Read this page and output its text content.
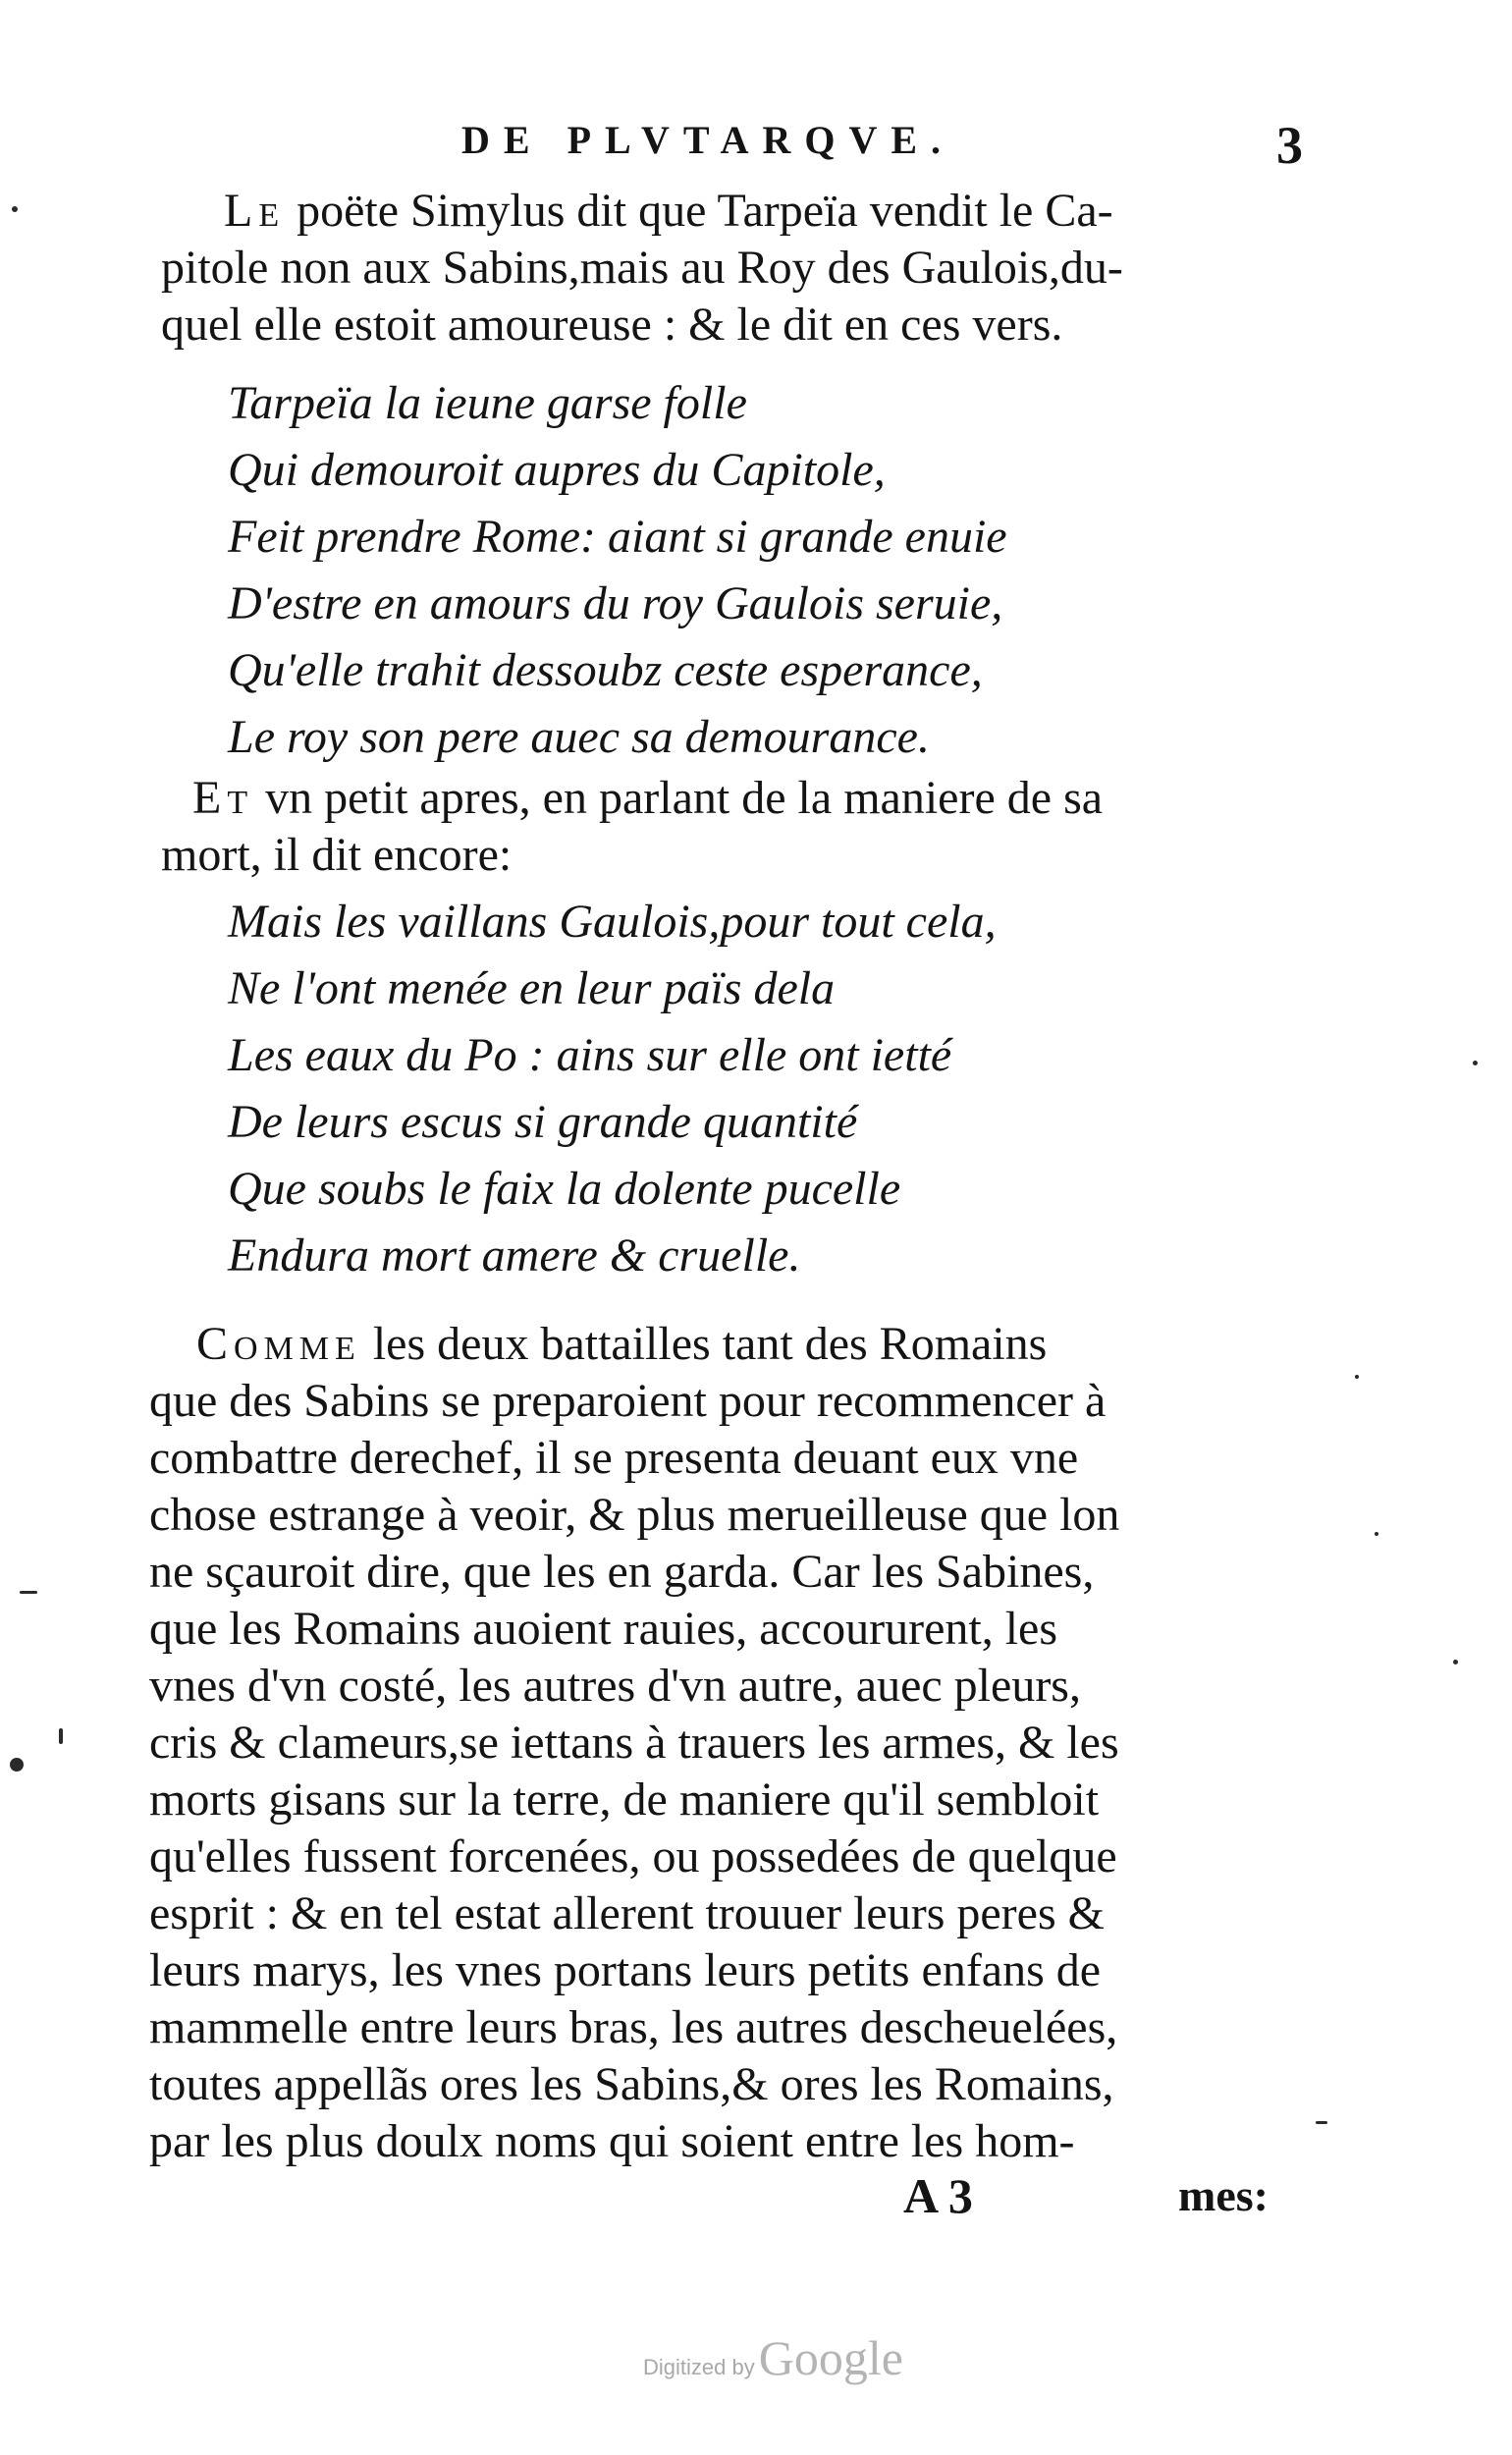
DE PLVTARQVE.	3
Le poëte Simylus dit que Tarpeïa vendit le Ca-
pitole non aux Sabins,mais au Roy des Gaulois,du-
quel elle estoit amoureuse : & le dit en ces vers.
Tarpeïa la ieune garse folle
Qui demouroit aupres du Capitole,
Feit prendre Rome: aiant si grande enuie
D'estre en amours du roy Gaulois seruie,
Qu'elle trahit dessoubz ceste esperance,
Le roy son pere auec sa demourance.
Et vn petit apres, en parlant de la maniere de sa
mort, il dit encore:
Mais les vaillans Gaulois,pour tout cela,
Ne l'ont menée en leur païs dela
Les eaux du Po : ains sur elle ont ietté
De leurs escus si grande quantité
Que soubs le faix la dolente pucelle
Endura mort amere & cruelle.
Comme les deux battailles tant des Romains
que des Sabins se preparoient pour recommencer à
combattre derechef, il se presenta deuant eux vne
chose estrange à veoir, & plus merueilleuse que lon
ne sçauroit dire, que les en garda. Car les Sabines,
que les Romains auoient rauies, accoururent, les
vnes d'vn costé, les autres d'vn autre, auec pleurs,
cris & clameurs,se iettans à trauers les armes, & les
morts gisans sur la terre, de maniere qu'il sembloit
qu'elles fussent forcenées, ou possedées de quelque
esprit : & en tel estat allerent trouuer leurs peres &
leurs marys, les vnes portans leurs petits enfans de
mammelle entre leurs bras, les autres descheuelées,
toutes appellãs ores les Sabins,& ores les Romains,
par les plus doulx noms qui soient entre les hom-
A 3	mes:
Digitized by Google
